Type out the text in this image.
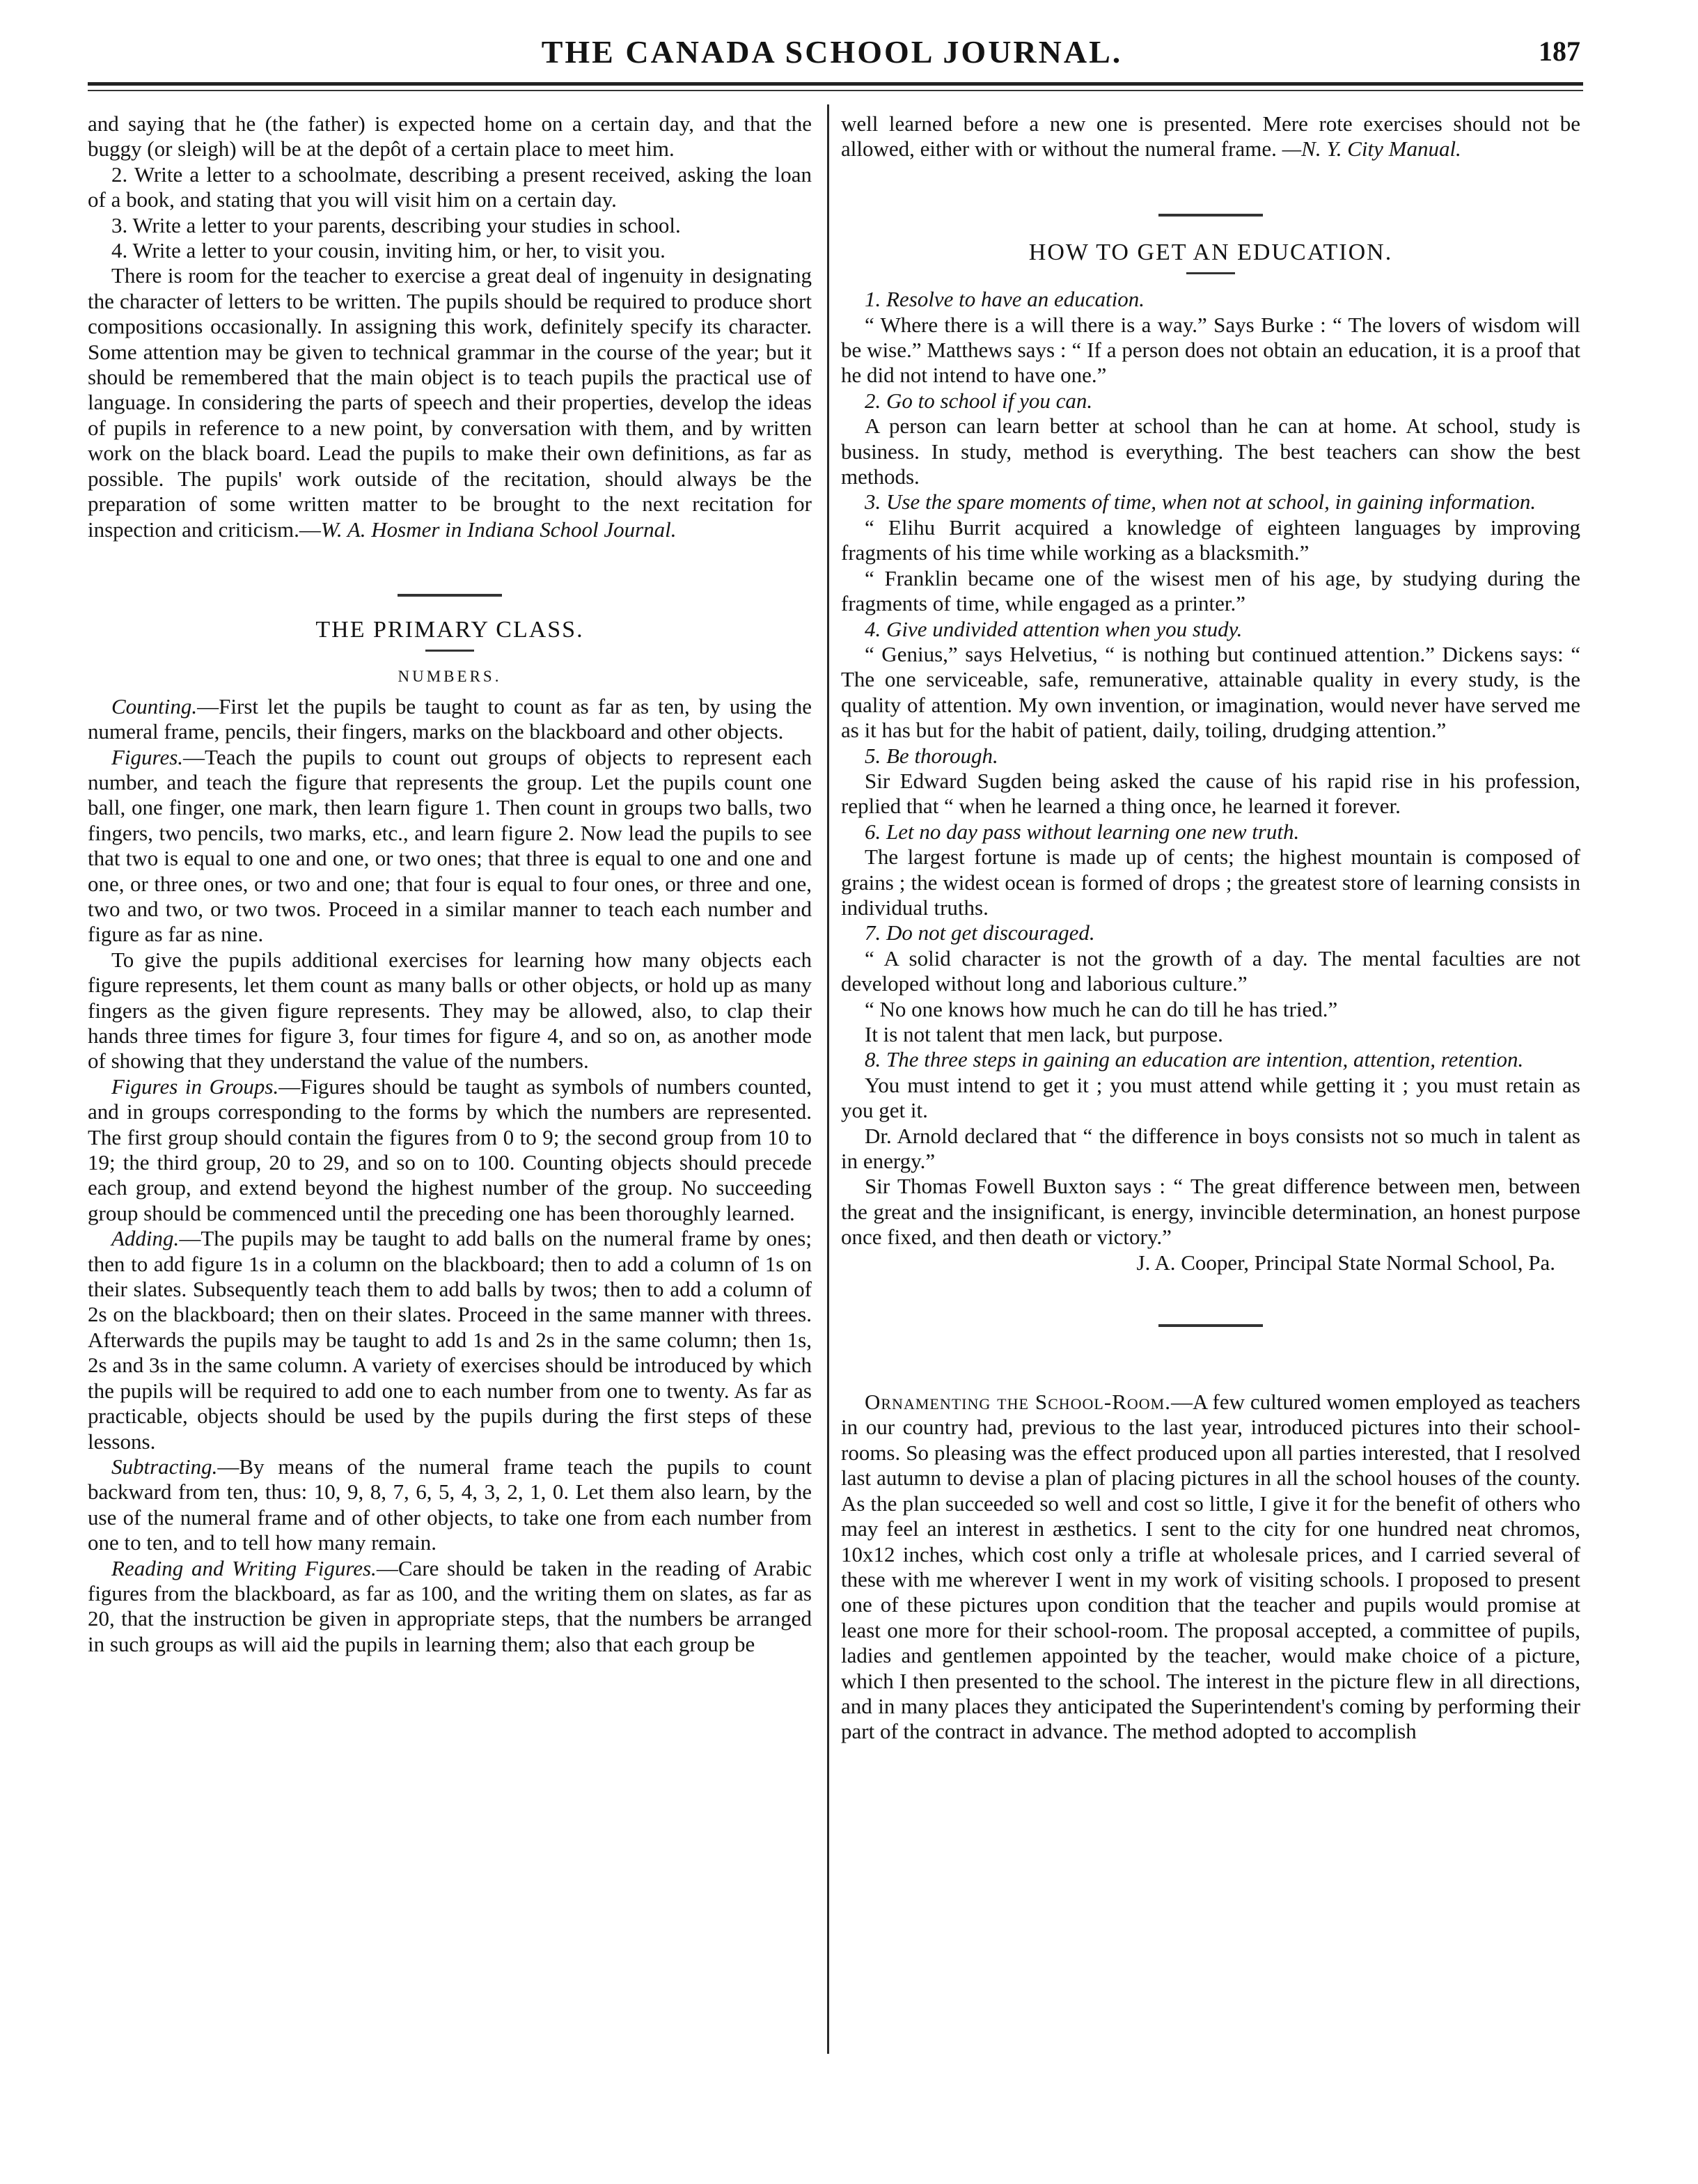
THE CANADA SCHOOL JOURNAL.	187

and saying that he (the father) is expected home on a certain day, and that the buggy (or sleigh) will be at the depôt of a certain place to meet him.

2. Write a letter to a schoolmate, describing a present received, asking the loan of a book, and stating that you will visit him on a certain day.

3. Write a letter to your parents, describing your studies in school.

4. Write a letter to your cousin, inviting him, or her, to visit you.

There is room for the teacher to exercise a great deal of ingenuity in designating the character of letters to be written. The pupils should be required to produce short compositions occasionally. In assigning this work, definitely specify its character. Some attention may be given to technical grammar in the course of the year; but it should be remembered that the main object is to teach pupils the practical use of language. In considering the parts of speech and their properties, develop the ideas of pupils in reference to a new point, by conversation with them, and by written work on the black board. Lead the pupils to make their own definitions, as far as possible. The pupils' work outside of the recitation, should always be the preparation of some written matter to be brought to the next recitation for inspection and criticism.—W. A. Hosmer in Indiana School Journal.

THE PRIMARY CLASS.

NUMBERS.

Counting.—First let the pupils be taught to count as far as ten, by using the numeral frame, pencils, their fingers, marks on the blackboard and other objects.

Figures.—Teach the pupils to count out groups of objects to represent each number, and teach the figure that represents the group. Let the pupils count one ball, one finger, one mark, then learn figure 1. Then count in groups two balls, two fingers, two pencils, two marks, etc., and learn figure 2. Now lead the pupils to see that two is equal to one and one, or two ones; that three is equal to one and one and one, or three ones, or two and one; that four is equal to four ones, or three and one, two and two, or two twos. Proceed in a similar manner to teach each number and figure as far as nine.

To give the pupils additional exercises for learning how many objects each figure represents, let them count as many balls or other objects, or hold up as many fingers as the given figure represents. They may be allowed, also, to clap their hands three times for figure 3, four times for figure 4, and so on, as another mode of showing that they understand the value of the numbers.

Figures in Groups.—Figures should be taught as symbols of numbers counted, and in groups corresponding to the forms by which the numbers are represented. The first group should contain the figures from 0 to 9; the second group from 10 to 19; the third group, 20 to 29, and so on to 100. Counting objects should precede each group, and extend beyond the highest number of the group. No succeeding group should be commenced until the preceding one has been thoroughly learned.

Adding.—The pupils may be taught to add balls on the numeral frame by ones; then to add figure 1s in a column on the blackboard; then to add a column of 1s on their slates. Subsequently teach them to add balls by twos; then to add a column of 2s on the blackboard; then on their slates. Proceed in the same manner with threes. Afterwards the pupils may be taught to add 1s and 2s in the same column; then 1s, 2s and 3s in the same column. A variety of exercises should be introduced by which the pupils will be required to add one to each number from one to twenty. As far as practicable, objects should be used by the pupils during the first steps of these lessons.

Subtracting.—By means of the numeral frame teach the pupils to count backward from ten, thus: 10, 9, 8, 7, 6, 5, 4, 3, 2, 1, 0. Let them also learn, by the use of the numeral frame and of other objects, to take one from each number from one to ten, and to tell how many remain.

Reading and Writing Figures.—Care should be taken in the reading of Arabic figures from the blackboard, as far as 100, and the writing them on slates, as far as 20, that the instruction be given in appropriate steps, that the numbers be arranged in such groups as will aid the pupils in learning them; also that each group be

well learned before a new one is presented. Mere rote exercises should not be allowed, either with or without the numeral frame. —N. Y. City Manual.

HOW TO GET AN EDUCATION.

1. Resolve to have an education.

“ Where there is a will there is a way.” Says Burke : “ The lovers of wisdom will be wise.” Matthews says : “ If a person does not obtain an education, it is a proof that he did not intend to have one.”

2. Go to school if you can.

A person can learn better at school than he can at home. At school, study is business. In study, method is everything. The best teachers can show the best methods.

3. Use the spare moments of time, when not at school, in gaining information.

“ Elihu Burrit acquired a knowledge of eighteen languages by improving fragments of his time while working as a blacksmith.”

“ Franklin became one of the wisest men of his age, by studying during the fragments of time, while engaged as a printer.”

4. Give undivided attention when you study.

“ Genius,” says Helvetius, “ is nothing but continued attention.” Dickens says: “ The one serviceable, safe, remunerative, attainable quality in every study, is the quality of attention. My own invention, or imagination, would never have served me as it has but for the habit of patient, daily, toiling, drudging attention.”

5. Be thorough.

Sir Edward Sugden being asked the cause of his rapid rise in his profession, replied that “ when he learned a thing once, he learned it forever.

6. Let no day pass without learning one new truth.

The largest fortune is made up of cents; the highest mountain is composed of grains ; the widest ocean is formed of drops ; the greatest store of learning consists in individual truths.

7. Do not get discouraged.

“ A solid character is not the growth of a day. The mental faculties are not developed without long and laborious culture.”

“ No one knows how much he can do till he has tried.”

It is not talent that men lack, but purpose.

8. The three steps in gaining an education are intention, attention, retention.

You must intend to get it ; you must attend while getting it ; you must retain as you get it.

Dr. Arnold declared that “ the difference in boys consists not so much in talent as in energy.”

Sir Thomas Fowell Buxton says : “ The great difference between men, between the great and the insignificant, is energy, invincible determination, an honest purpose once fixed, and then death or victory.”

J. A. Cooper, Principal State Normal School, Pa.

Ornamenting the School-Room.—A few cultured women employed as teachers in our country had, previous to the last year, introduced pictures into their school-rooms. So pleasing was the effect produced upon all parties interested, that I resolved last autumn to devise a plan of placing pictures in all the school houses of the county. As the plan succeeded so well and cost so little, I give it for the benefit of others who may feel an interest in æsthetics. I sent to the city for one hundred neat chromos, 10x12 inches, which cost only a trifle at wholesale prices, and I carried several of these with me wherever I went in my work of visiting schools. I proposed to present one of these pictures upon condition that the teacher and pupils would promise at least one more for their school-room. The proposal accepted, a committee of pupils, ladies and gentlemen appointed by the teacher, would make choice of a picture, which I then presented to the school. The interest in the picture flew in all directions, and in many places they anticipated the Superintendent's coming by performing their part of the contract in advance. The method adopted to accomplish
